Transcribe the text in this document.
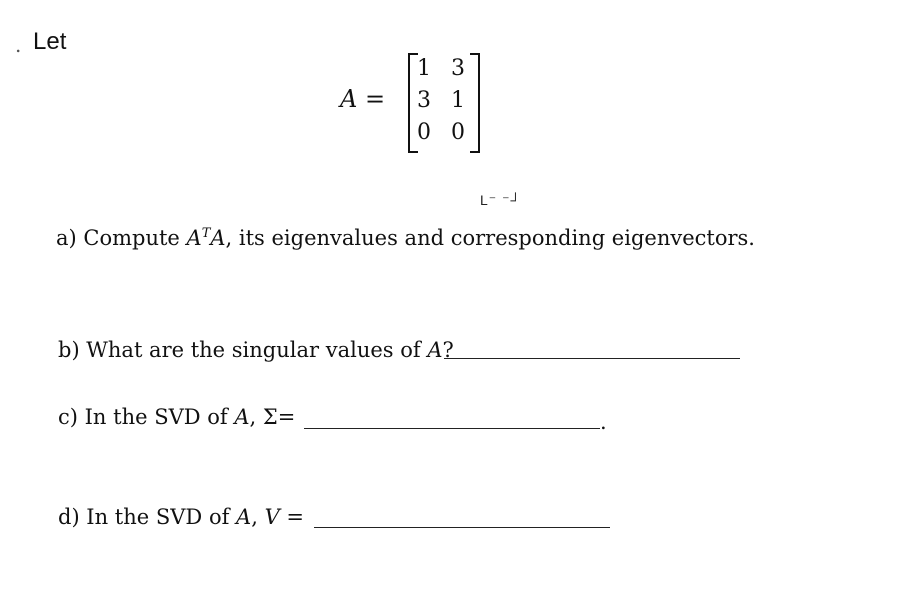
. Let
A =
1 3
3 1
0 0
L⁻ ⁻┘
a) Compute $A^TA$, its eigenvalues and corresponding eigenvectors.
b) What are the singular values of A?
c) In the SVD of A, Σ=	.
d) In the SVD of A, V =
